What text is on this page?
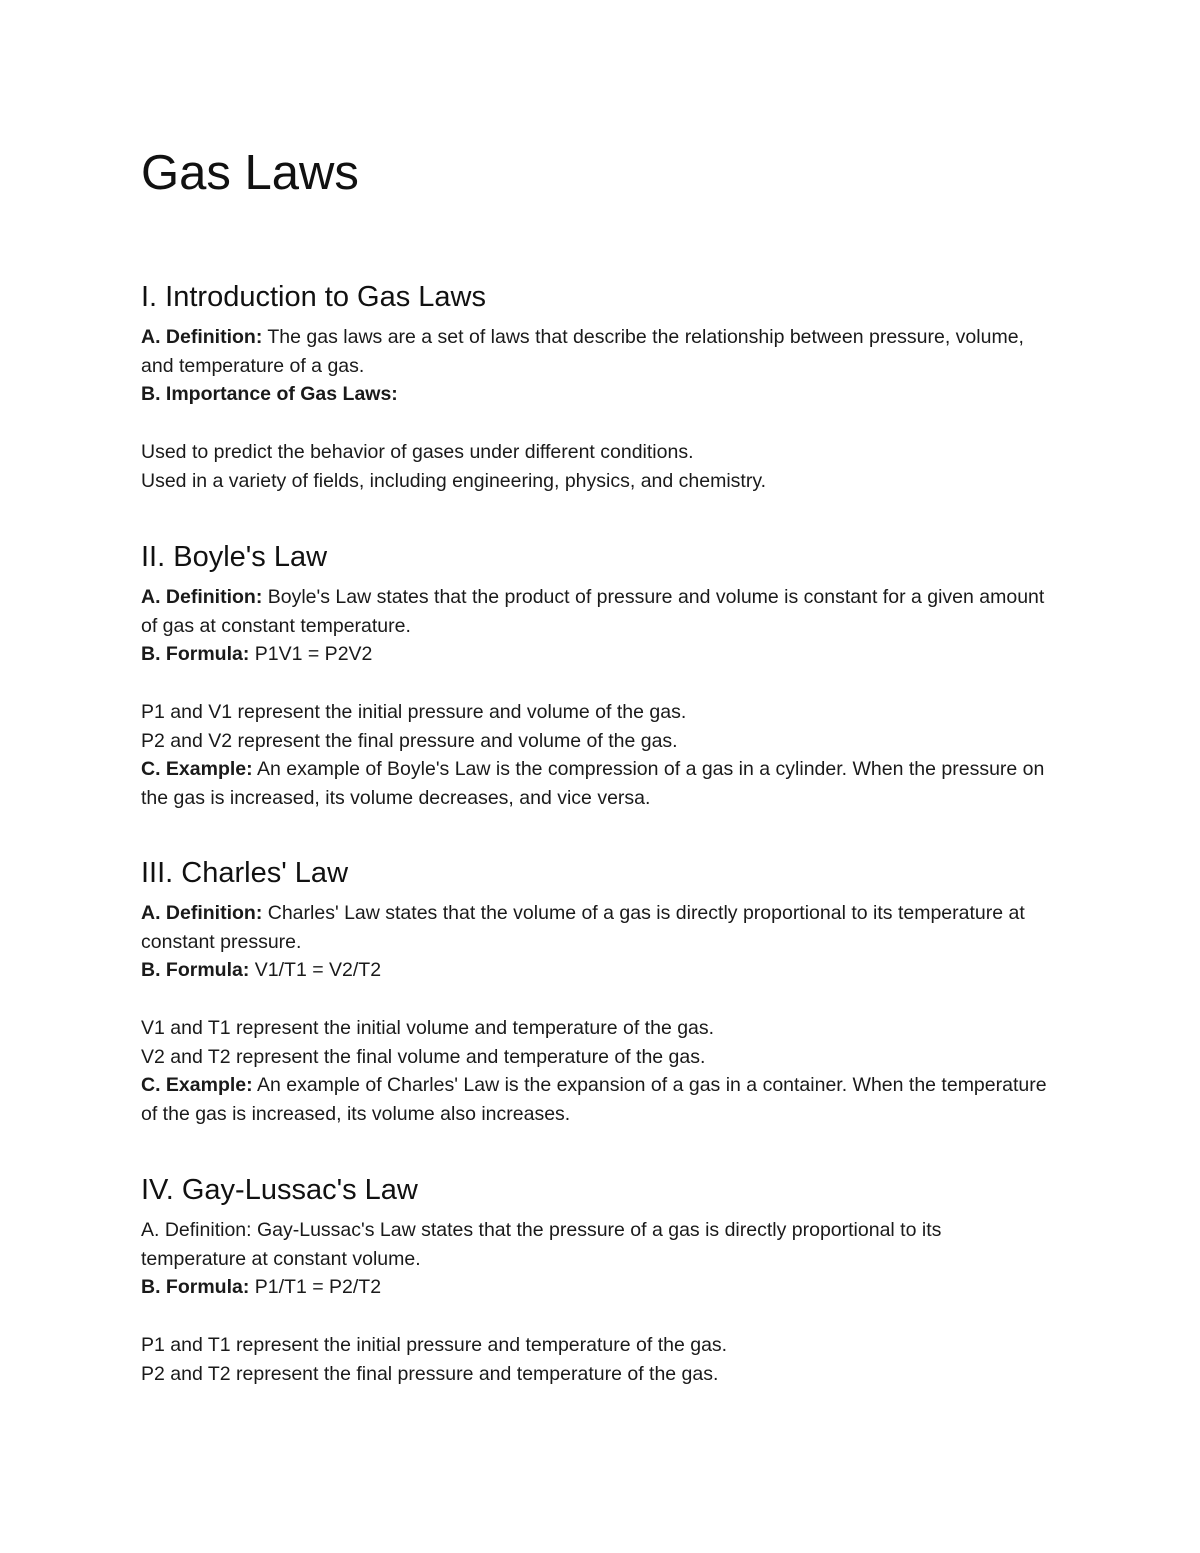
Gas Laws
I. Introduction to Gas Laws

A. Definition: The gas laws are a set of laws that describe the relationship between pressure, volume, and temperature of a gas.

B. Importance of Gas Laws:

Used to predict the behavior of gases under different conditions.

Used in a variety of fields, including engineering, physics, and chemistry.

II. Boyle's Law

A. Definition: Boyle's Law states that the product of pressure and volume is constant for a given amount of gas at constant temperature.

B. Formula: P1V1 = P2V2

P1 and V1 represent the initial pressure and volume of the gas.

P2 and V2 represent the final pressure and volume of the gas.

C. Example: An example of Boyle's Law is the compression of a gas in a cylinder. When the pressure on the gas is increased, its volume decreases, and vice versa.

III. Charles' Law

A. Definition: Charles' Law states that the volume of a gas is directly proportional to its temperature at constant pressure.

B. Formula: V1/T1 = V2/T2

V1 and T1 represent the initial volume and temperature of the gas.

V2 and T2 represent the final volume and temperature of the gas.

C. Example: An example of Charles' Law is the expansion of a gas in a container. When the temperature of the gas is increased, its volume also increases.

IV. Gay-Lussac's Law

A. Definition: Gay-Lussac's Law states that the pressure of a gas is directly proportional to its temperature at constant volume.

B. Formula: P1/T1 = P2/T2

P1 and T1 represent the initial pressure and temperature of the gas.

P2 and T2 represent the final pressure and temperature of the gas.
